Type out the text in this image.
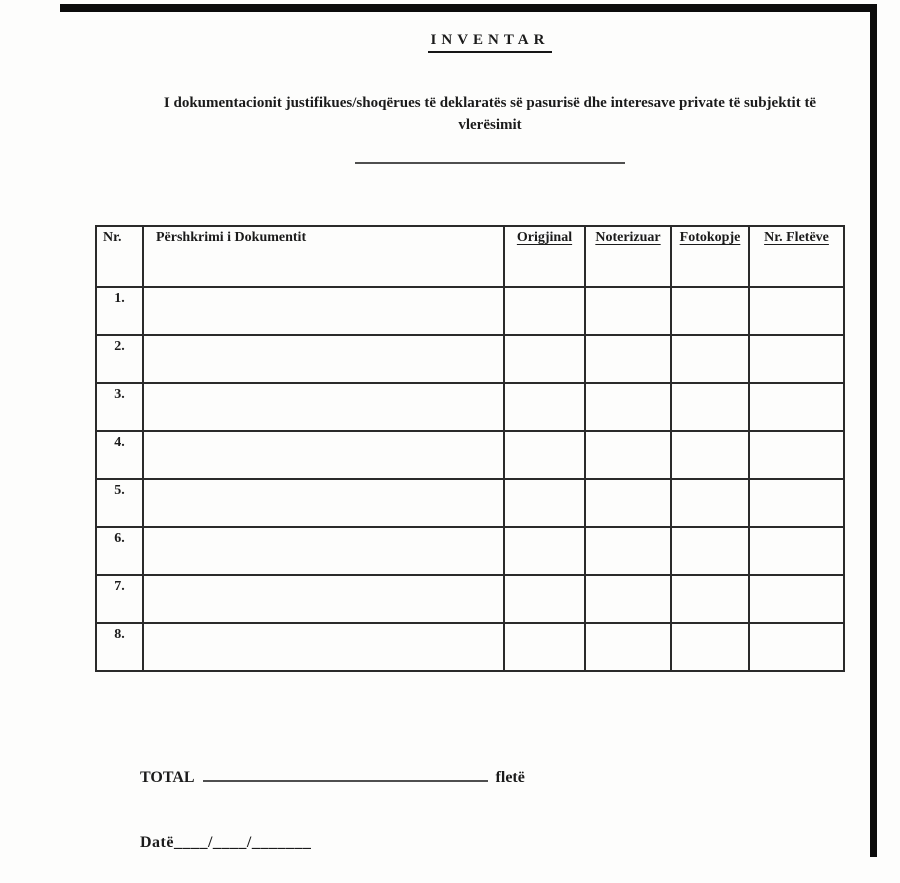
INVENTAR
I dokumentacionit justifikues/shoqërues të deklaratës së pasurisë dhe interesave private të subjektit të
vlerësimit
Nr.	Përshkrimi i Dokumentit	Origjinal	Noterizuar	Fotokopje	Nr. Fletëve
1.					
2.					
3.					
4.					
5.					
6.					
7.					
8.					
TOTAL	fletë
Datë____/____/_______
